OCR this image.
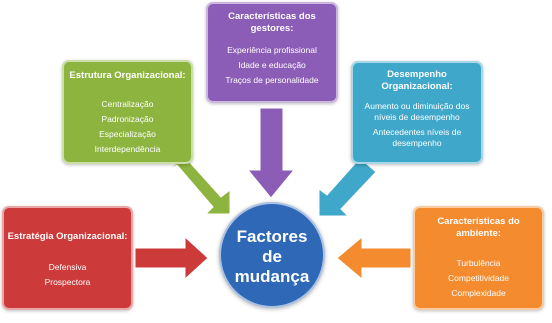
Estrutura Organizacional:
Centralização
Padronização
Especialização
Interdependência
Características dos
gestores:
Experiência profissional
Idade e educação
Traços de personalidade	Desempenho
Organizacional:
Aumento ou diminuição dos níveis de desempenho
Antecedentes níveis de desempenho
Estratégia Organizacional:
Defensiva
Prospectora
Características do
ambiente:
Turbulência
Competitividade
Complexidade
Factores
de
mudança
